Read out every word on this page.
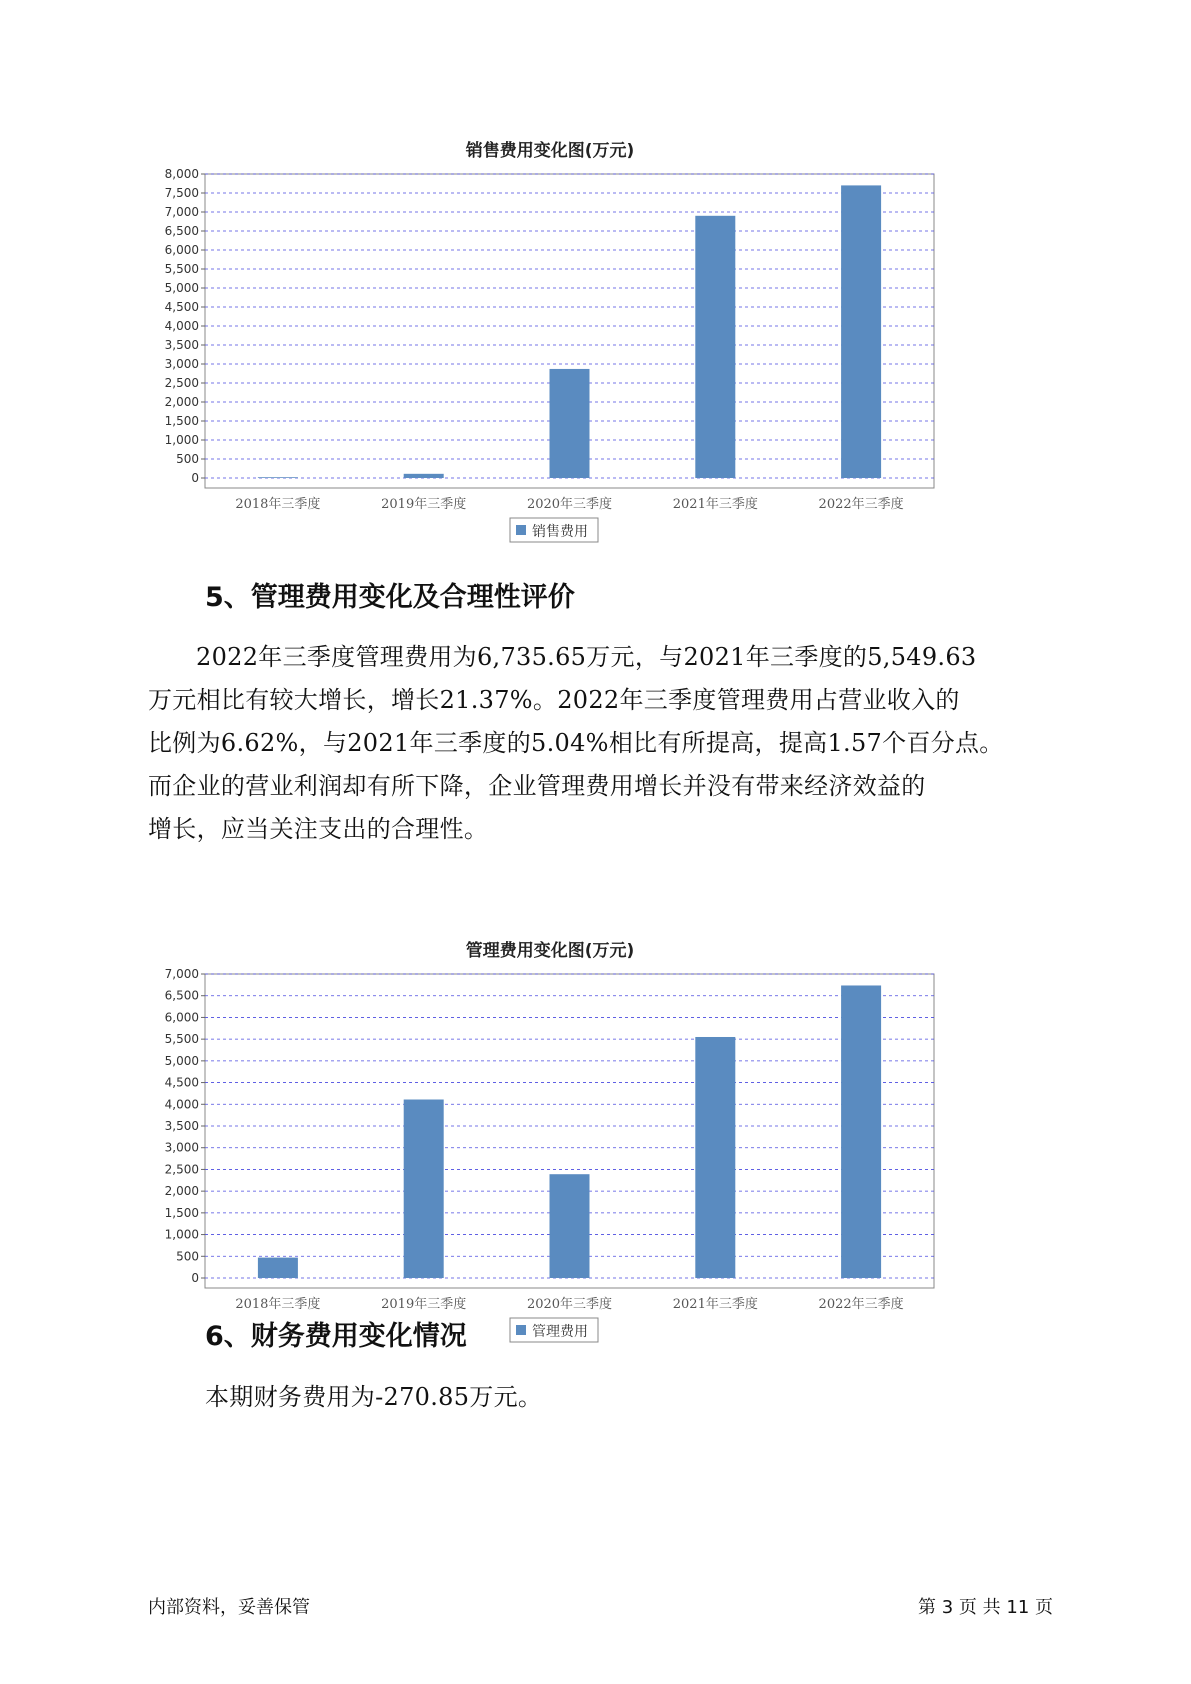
销售费用变化图(万元)
0
500
1,000
1,500
2,000
2,500
3,000
3,500
4,000
4,500
5,000
5,500
6,000
6,500
7,000
7,500
8,000
2018年三季度	2019年三季度	2020年三季度	2021年三季度	2022年三季度
销售费用
5、管理费用变化及合理性评价
2022年三季度管理费用为6,735.65万元，与2021年三季度的5,549.63
万元相比有较大增长，增长21.37%。2022年三季度管理费用占营业收入的
比例为6.62%，与2021年三季度的5.04%相比有所提高，提高1.57个百分点。
而企业的营业利润却有所下降，企业管理费用增长并没有带来经济效益的
增长，应当关注支出的合理性。
管理费用变化图(万元)
0
500
1,000
1,500
2,000
2,500
3,000
3,500
4,000
4,500
5,000
5,500
6,000
6,500
7,000
2018年三季度	2019年三季度	2020年三季度	2021年三季度	2022年三季度
管理费用
6、财务费用变化情况
本期财务费用为-270.85万元。
内部资料，妥善保管	第 3 页 共 11 页
